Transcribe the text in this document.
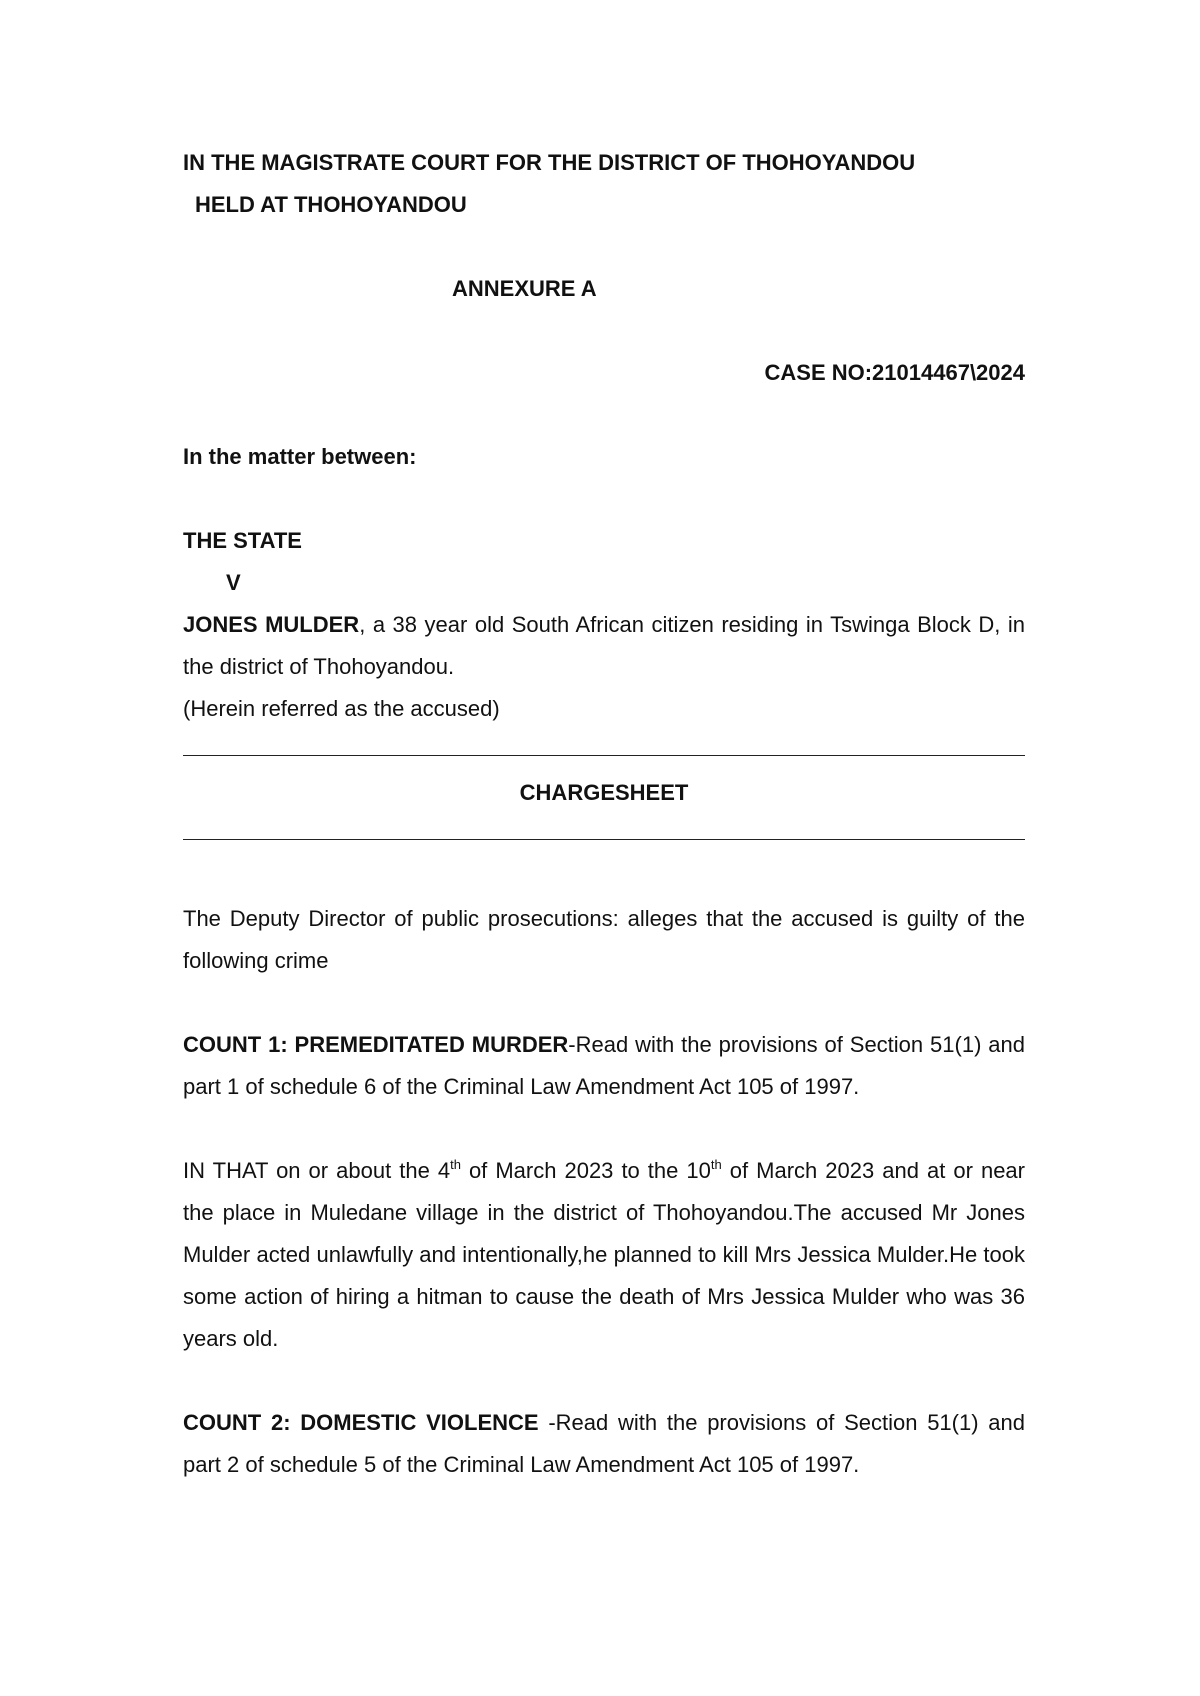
IN THE MAGISTRATE COURT FOR THE DISTRICT OF THOHOYANDOU
HELD AT THOHOYANDOU
ANNEXURE A
CASE NO:21014467\2024
In the matter between:
THE STATE
V
JONES MULDER, a 38 year old South African citizen residing in Tswinga Block D, in the district of Thohoyandou.
(Herein referred as the accused)
CHARGESHEET
The Deputy Director of public prosecutions: alleges that the accused is guilty of the following crime
COUNT 1: PREMEDITATED MURDER-Read with the provisions of Section 51(1) and part 1 of schedule 6 of the Criminal Law Amendment Act 105 of 1997.
IN THAT on or about the 4th of March 2023 to the 10th of March 2023 and at or near the place in Muledane village in the district of Thohoyandou.The accused Mr Jones Mulder acted unlawfully and intentionally,he planned to kill Mrs Jessica Mulder.He took some action of hiring a hitman to cause the death of Mrs Jessica Mulder who was 36 years old.
COUNT 2: DOMESTIC VIOLENCE -Read with the provisions of Section 51(1) and part 2 of schedule 5 of the Criminal Law Amendment Act 105 of 1997.
